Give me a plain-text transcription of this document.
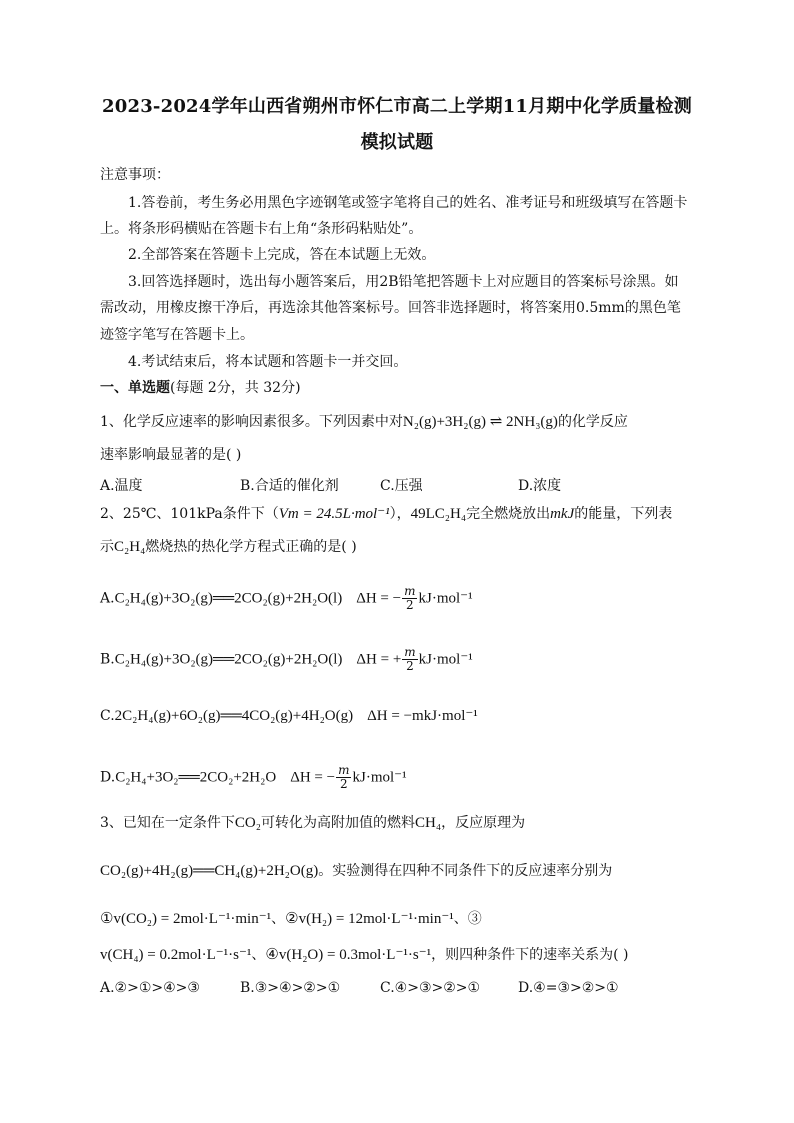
2023-2024学年山西省朔州市怀仁市高二上学期11月期中化学质量检测
模拟试题
注意事项：
1.答卷前，考生务必用黑色字迹钢笔或签字笔将自己的姓名、准考证号和班级填写在答题卡
上。将条形码横贴在答题卡右上角“条形码粘贴处”。
2.全部答案在答题卡上完成，答在本试题上无效。
3.回答选择题时，选出每小题答案后，用2B铅笔把答题卡上对应题目的答案标号涂黑。如
需改动，用橡皮擦干净后，再选涂其他答案标号。回答非选择题时，将答案用0.5mm的黑色笔
迹签字笔写在答题卡上。
4.考试结束后，将本试题和答题卡一并交回。
一、单选题(每题 2分，共 32分)
1、化学反应速率的影响因素很多。下列因素中对N₂(g)+3H₂(g) ⇌ 2NH₃(g)的化学反应
速率影响最显著的是( )
A.温度	B.合适的催化剂	C.压强	D.浓度
2、25℃、101kPa条件下（Vm = 24.5L·mol⁻¹），49LC₂H₄完全燃烧放出mkJ的能量，下列表
示C₂H₄燃烧热的热化学方程式正确的是( )
A.C₂H₄(g)+3O₂(g)══2CO₂(g)+2H₂O(l) ΔH = − $\frac{m}{2} kJ\cdot mol^{-1}$
B.C₂H₄(g)+3O₂(g)══2CO₂(g)+2H₂O(l) ΔH = + $\frac{m}{2} kJ\cdot mol^{-1}$
C.2C₂H₄(g)+6O₂(g)══4CO₂(g)+4H₂O(g) ΔH = −mkJ·mol⁻¹
D.C₂H₄+3O₂══2CO₂+2H₂O ΔH = − $\frac{m}{2} kJ\cdot mol^{-1}$
3、已知在一定条件下CO₂可转化为高附加值的燃料CH₄，反应原理为
CO₂(g)+4H₂(g)══CH₄(g)+2H₂O(g)。实验测得在四种不同条件下的反应速率分别为
①v(CO₂) = 2mol·L⁻¹·min⁻¹、②v(H₂) = 12mol·L⁻¹·min⁻¹、③
v(CH₄) = 0.2mol·L⁻¹·s⁻¹、④v(H₂O) = 0.3mol·L⁻¹·s⁻¹，则四种条件下的速率关系为( )
A.②>①>④>③	B.③>④>②>①	C.④>③>②>①	D.④=③>②>①
